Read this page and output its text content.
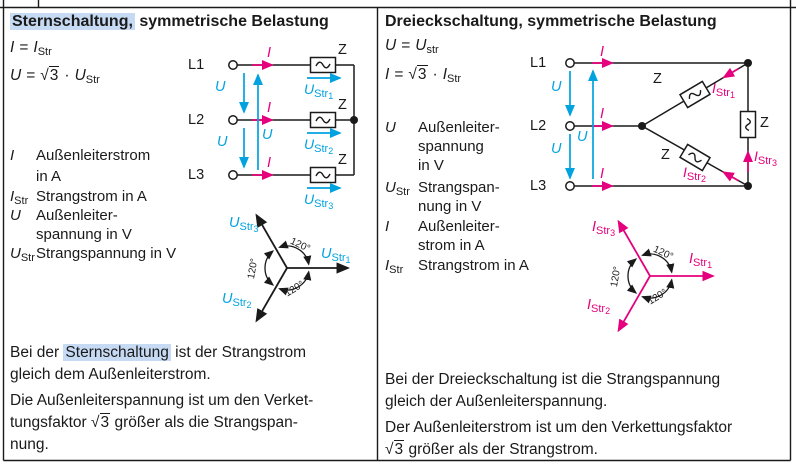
Sternschaltung, symmetrische Belastung
$I = I_{Str}$
$U = √3 \cdot U_{Str}$
I Außenleiterstrom
in A
$I_{Str}$ Strangstrom in A
U Außenleiter-
spannung in V
$U_{Str}Strangspannung$ in V
L1
L2
L3
Z
Z
Z
I
I
I
U
U U
$U_{Str1}$
$U_{Str2}$
$U_{Str3}$
$U_{Str3}$
$U_{Str1}$
$U_{Str2}$
120°
120°
120°
Bei der Sternschaltung ist der Strangstrom
gleich dem Außenleiterstrom.
Die Außenleiterspannung ist um den Verket-
tungsfaktor √3 größer als die Strangspan-
nung.
Dreieckschaltung, symmetrische Belastung
$U = U_{str}$
$I = √3 \cdot I_{Str}$
U Außenleiter-
spannung
in V
$U_{Str}$ Strangspan-
nung in V
I Außenleiter-
strom in A
$I_{Str}$ Strangstrom in A
L1
L2
L3
Z
Z
Z
I
I
I
U
U
U
$I_{Str1}$
$I_{Str2}$
$I_{Str3}$
$I_{Str3}$
$I_{Str1}$
$I_{Str2}$
120°
120°
120°
Bei der Dreieckschaltung ist die Strangspannung
gleich der Außenleiterspannung.
Der Außenleiterstrom ist um den Verkettungsfaktor
√3 größer als der Strangstrom.
